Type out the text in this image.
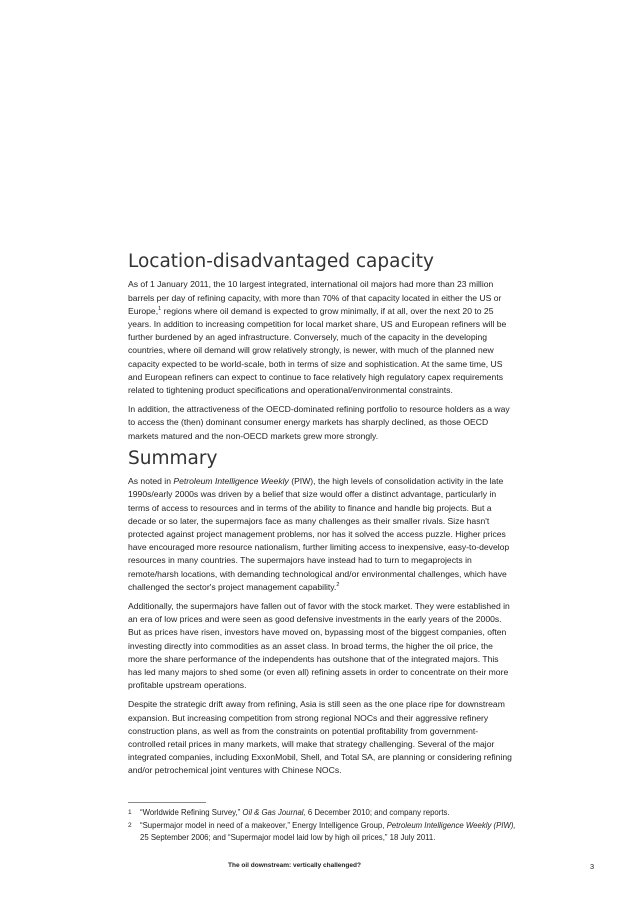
Location-disadvantaged capacity

As of 1 January 2011, the 10 largest integrated, international oil majors had more than 23 million barrels per day of refining capacity, with more than 70% of that capacity located in either the US or Europe,$^1$ regions where oil demand is expected to grow minimally, if at all, over the next 20 to 25 years. In addition to increasing competition for local market share, US and European refiners will be further burdened by an aged infrastructure. Conversely, much of the capacity in the developing countries, where oil demand will grow relatively strongly, is newer, with much of the planned new capacity expected to be world-scale, both in terms of size and sophistication. At the same time, US and European refiners can expect to continue to face relatively high regulatory capex requirements related to tightening product specifications and operational/environmental constraints.

In addition, the attractiveness of the OECD-dominated refining portfolio to resource holders as a way to access the (then) dominant consumer energy markets has sharply declined, as those OECD markets matured and the non-OECD markets grew more strongly.

Summary

As noted in Petroleum Intelligence Weekly (PIW), the high levels of consolidation activity in the late 1990s/early 2000s was driven by a belief that size would offer a distinct advantage, particularly in terms of access to resources and in terms of the ability to finance and handle big projects. But a decade or so later, the supermajors face as many challenges as their smaller rivals. Size hasn't protected against project management problems, nor has it solved the access puzzle. Higher prices have encouraged more resource nationalism, further limiting access to inexpensive, easy-to-develop resources in many countries. The supermajors have instead had to turn to megaprojects in remote/harsh locations, with demanding technological and/or environmental challenges, which have challenged the sector's project management capability.$^2$

Additionally, the supermajors have fallen out of favor with the stock market. They were established in an era of low prices and were seen as good defensive investments in the early years of the 2000s. But as prices have risen, investors have moved on, bypassing most of the biggest companies, often investing directly into commodities as an asset class. In broad terms, the higher the oil price, the more the share performance of the independents has outshone that of the integrated majors. This has led many majors to shed some (or even all) refining assets in order to concentrate on their more profitable upstream operations.

Despite the strategic drift away from refining, Asia is still seen as the one place ripe for downstream expansion. But increasing competition from strong regional NOCs and their aggressive refinery construction plans, as well as from the constraints on potential profitability from government-controlled retail prices in many markets, will make that strategy challenging. Several of the major integrated companies, including ExxonMobil, Shell, and Total SA, are planning or considering refining and/or petrochemical joint ventures with Chinese NOCs.

1 “Worldwide Refining Survey,” Oil & Gas Journal, 6 December 2010; and company reports.
2 “Supermajor model in need of a makeover,” Energy Intelligence Group, Petroleum Intelligence Weekly (PIW), 25 September 2006; and “Supermajor model laid low by high oil prices,” 18 July 2011.
The oil downstream: vertically challenged?	3
